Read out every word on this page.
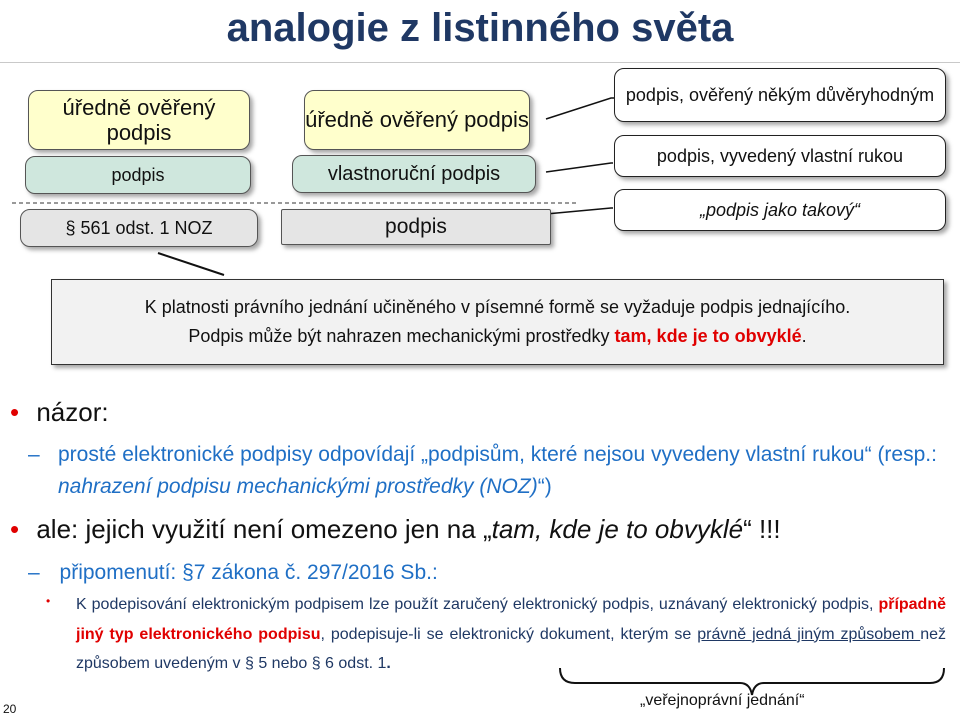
analogie z listinného světa
úředně ověřený podpis
podpis
§ 561 odst. 1 NOZ
úředně ověřený podpis
vlastnoruční podpis
podpis
podpis, ověřený někým důvěryhodným
podpis, vyvedený vlastní rukou
„podpis jako takový“
K platnosti právního jednání učiněného v písemné formě se vyžaduje podpis jednajícího.
Podpis může být nahrazen mechanickými prostředky tam, kde je to obvyklé.
• názor:
– prosté elektronické podpisy odpovídají „podpisům, které nejsou vyvedeny vlastní rukou“ (resp.: nahrazení podpisu mechanickými prostředky (NOZ)“)
• ale: jejich využití není omezeno jen na „tam, kde je to obvyklé“ !!!
– připomenutí: §7 zákona č. 297/2016 Sb.:
• K podepisování elektronickým podpisem lze použít zaručený elektronický podpis, uznávaný elektronický podpis, případně jiný typ elektronického podpisu, podepisuje-li se elektronický dokument, kterým se právně jedná jiným způsobem než způsobem uvedeným v § 5 nebo § 6 odst. 1.
„veřejnoprávní jednání“
20
